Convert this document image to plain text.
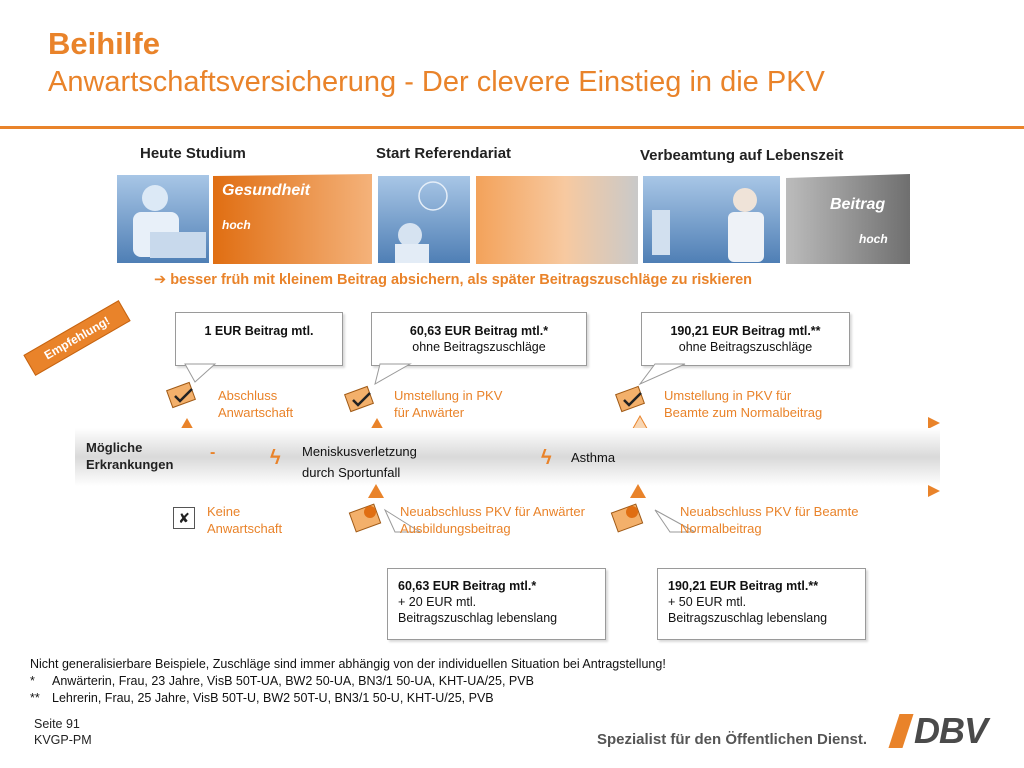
Beihilfe
Anwartschaftsversicherung - Der clevere Einstieg in die PKV
Heute Studium	Start Referendariat	Verbeamtung auf Lebenszeit
Gesundheit
hoch
Beitrag
hoch
➔ besser früh mit kleinem Beitrag absichern, als später Beitragszuschläge zu riskieren
Empfehlung!	1 EUR Beitrag mtl.	60,63 EUR Beitrag mtl.*
ohne Beitragszuschläge
190,21 EUR Beitrag mtl.**
ohne Beitragszuschläge
Abschluss
Anwartschaft
Umstellung in PKV
für Anwärter
Umstellung in PKV für
Beamte zum Normalbeitrag
Mögliche
Erkrankungen
-	ϟ Meniskusverletzung
durch Sportunfall
ϟ Asthma
✘	Keine
Anwartschaft
Neuabschluss PKV für Anwärter
Ausbildungsbeitrag
Neuabschluss PKV für Beamte
Normalbeitrag
60,63 EUR Beitrag mtl.*
+ 20 EUR mtl.
Beitragszuschlag lebenslang
190,21 EUR Beitrag mtl.**
+ 50 EUR mtl.
Beitragszuschlag lebenslang
Nicht generalisierbare Beispiele, Zuschläge sind immer abhängig von der individuellen Situation bei Antragstellung!
* Anwärterin, Frau, 23 Jahre, VisB 50T-UA, BW2 50-UA, BN3/1 50-UA, KHT-UA/25, PVB
** Lehrerin, Frau, 25 Jahre, VisB 50T-U, BW2 50T-U, BN3/1 50-U, KHT-U/25, PVB
Seite 91
KVGP-PM	Spezialist für den Öffentlichen Dienst. DBV
